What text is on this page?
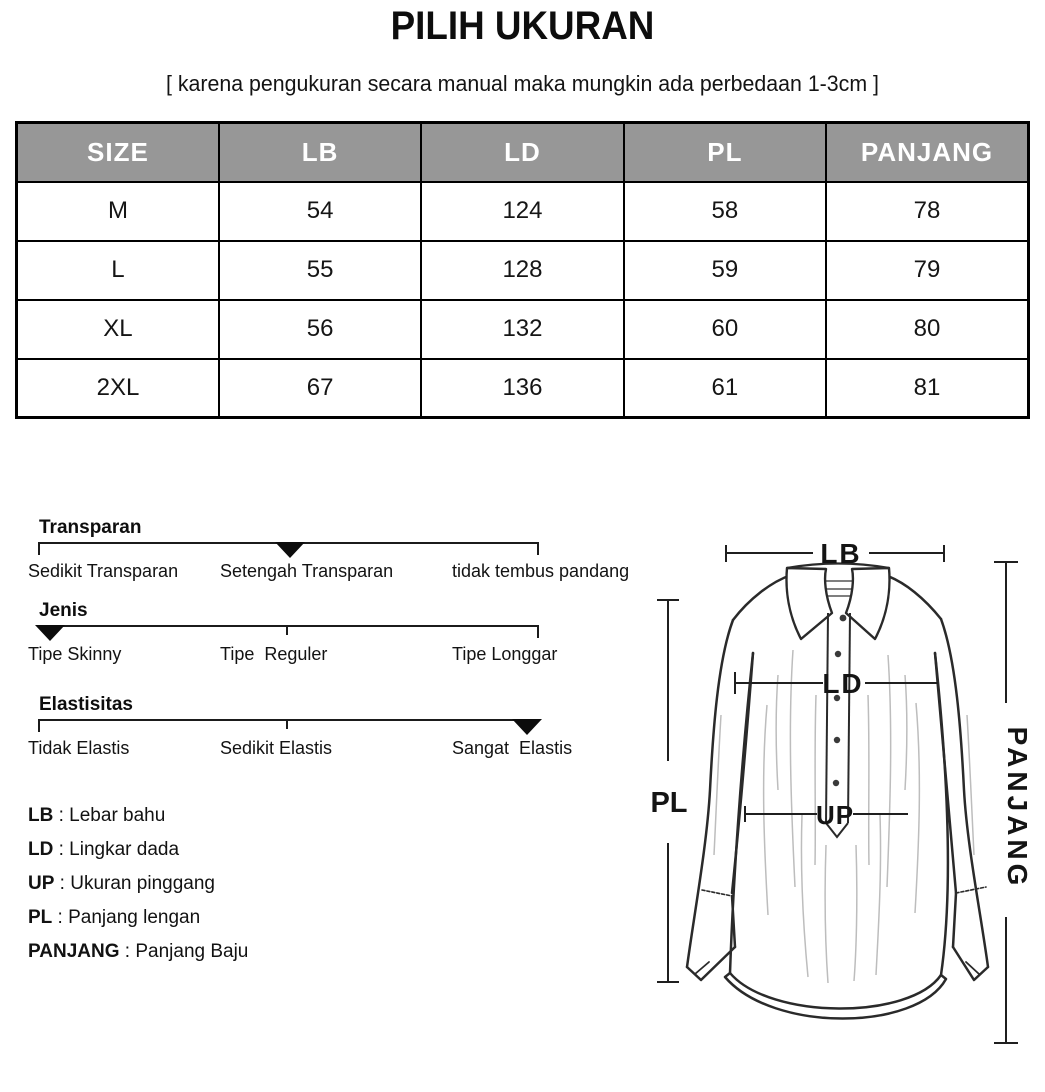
PILIH UKURAN
[ karena pengukuran secara manual maka mungkin ada perbedaan 1-3cm ]
SIZE	LB	LD	PL	PANJANG
M	54	124	58	78
L	55	128	59	79
XL	56	132	60	80
2XL	67	136	61	81
Transparan
Sedikit Transparan Setengah Transparan	tidak tembus pandang
Jenis
Tipe Skinny	Tipe  Reguler	Tipe Longgar
Elastisitas
Tidak Elastis	Sedikit Elastis	Sangat  Elastis

LB : Lebar bahu

LD : Lingkar dada

UP : Ukuran pinggang

PL : Panjang lengan

PANJANG : Panjang Baju

LB
LD
UP
PL	PANJANG
